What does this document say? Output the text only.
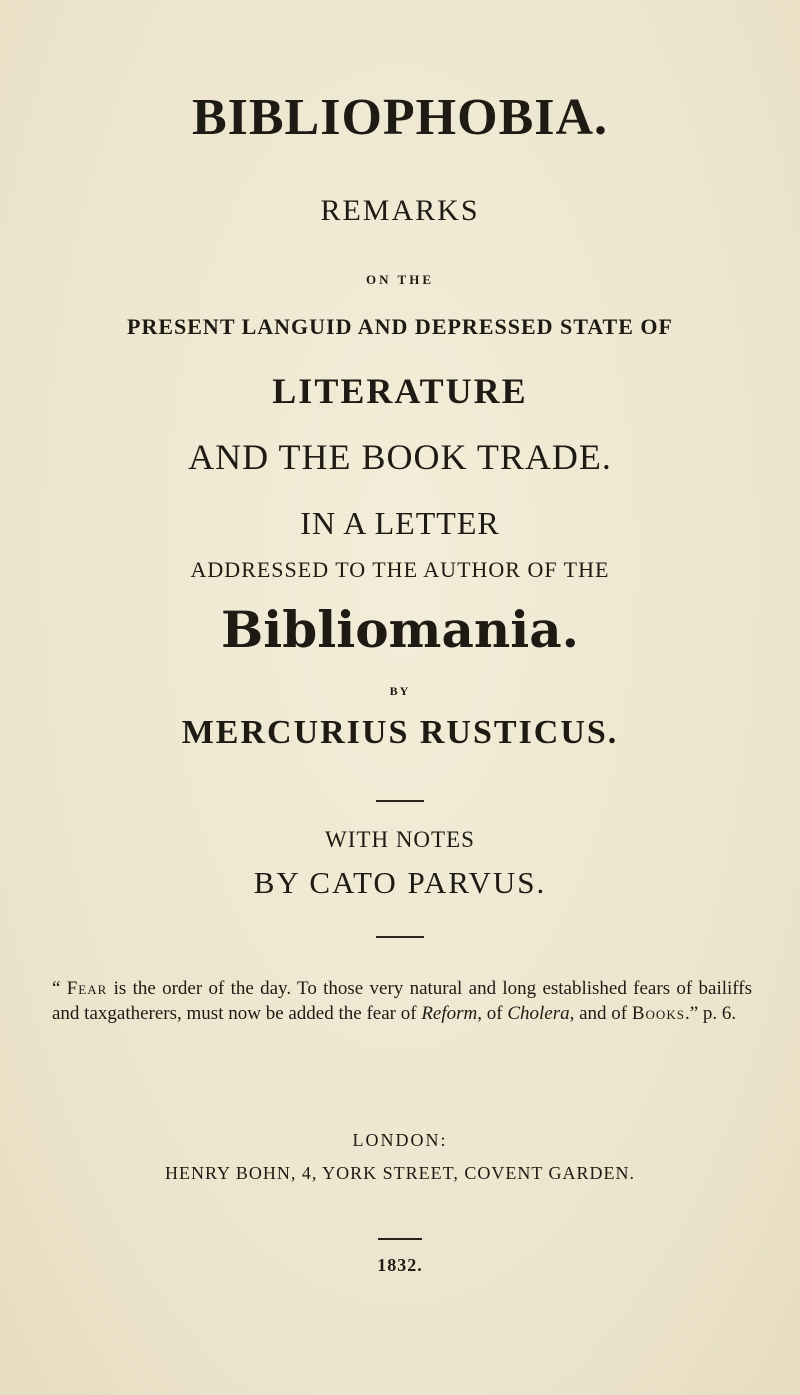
BIBLIOPHOBIA.
REMARKS
ON THE
PRESENT LANGUID AND DEPRESSED STATE OF
LITERATURE
AND THE BOOK TRADE.
IN A LETTER
ADDRESSED TO THE AUTHOR OF THE
Bibliomania.
BY
MERCURIUS RUSTICUS.
WITH NOTES
BY CATO PARVUS.
“ Fear is the order of the day. To those very natural and long established fears of bailiffs and taxgatherers, must now be added the fear of Reform, of Cholera, and of Books.” p. 6.
LONDON:
HENRY BOHN, 4, YORK STREET, COVENT GARDEN.
1832.
